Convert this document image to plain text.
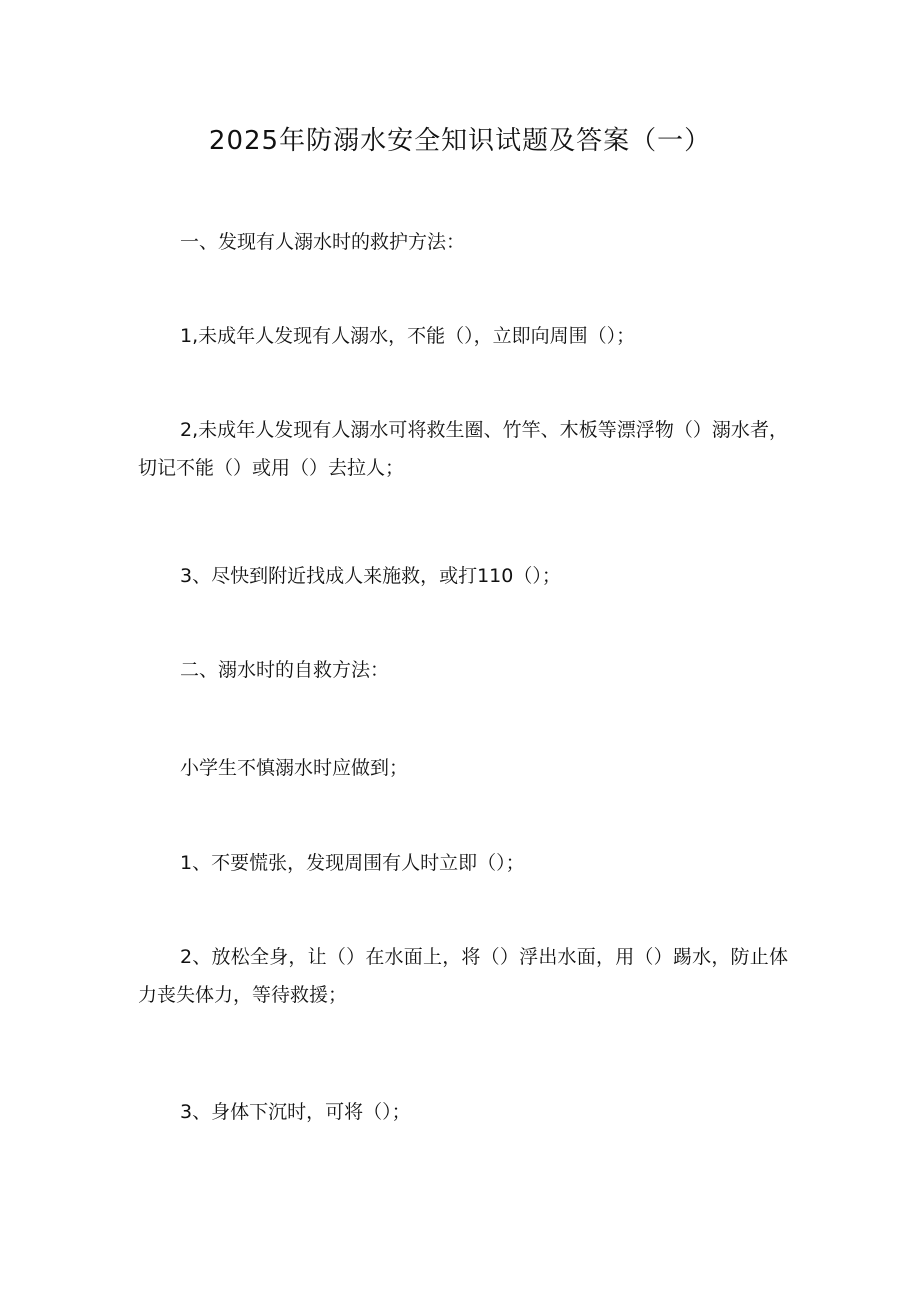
2025年防溺水安全知识试题及答案（一）
一、发现有人溺水时的救护方法：
1,未成年人发现有人溺水，不能（），立即向周围（）；
2,未成年人发现有人溺水可将救生圈、竹竿、木板等漂浮物（）溺水者，切记不能（）或用（）去拉人；
3、尽快到附近找成人来施救，或打110（）；
二、溺水时的自救方法：
小学生不慎溺水时应做到；
1、不要慌张，发现周围有人时立即（）；
2、放松全身，让（）在水面上，将（）浮出水面，用（）踢水，防止体力丧失体力，等待救援；
3、身体下沉时，可将（）；
